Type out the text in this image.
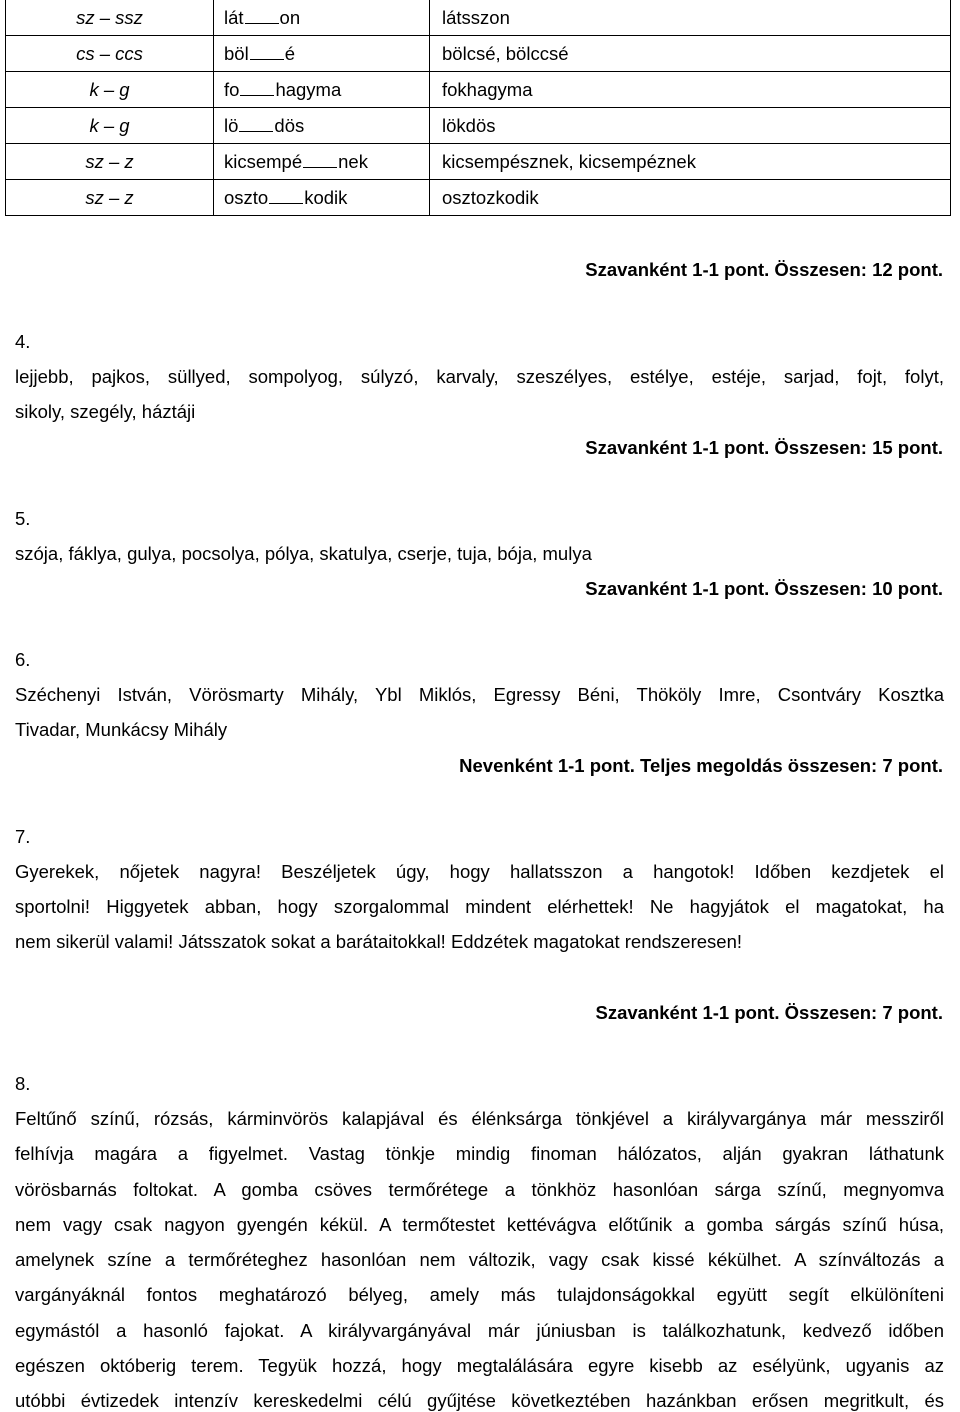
sz – ssz	lát on	látsszon
cs – ccs	böl é	bölcsé, bölccsé
k – g	fo hagyma	fokhagyma
k – g	lö dös	lökdös
sz – z	kicsempé nek	kicsempésznek, kicsempéznek
sz – z	oszto kodik	osztozkodik
Szavanként 1-1 pont. Összesen: 12 pont.
4.
lejjebb, pajkos, süllyed, sompolyog, súlyzó, karvaly, szeszélyes, estélye, estéje, sarjad, fojt, folyt,
sikoly, szegély, háztáji
Szavanként 1-1 pont. Összesen: 15 pont.
5.
szója, fáklya, gulya, pocsolya, pólya, skatulya, cserje, tuja, bója, mulya
Szavanként 1-1 pont. Összesen: 10 pont.
6.
Széchenyi István, Vörösmarty Mihály, Ybl Miklós, Egressy Béni, Thököly Imre, Csontváry Kosztka
Tivadar, Munkácsy Mihály
Nevenként 1-1 pont. Teljes megoldás összesen: 7 pont.
7.
Gyerekek, nőjetek nagyra! Beszéljetek úgy, hogy hallatsszon a hangotok! Időben kezdjetek el
sportolni! Higgyetek abban, hogy szorgalommal mindent elérhettek! Ne hagyjátok el magatokat, ha
nem sikerül valami! Játsszatok sokat a barátaitokkal! Eddzétek magatokat rendszeresen!
Szavanként 1-1 pont. Összesen: 7 pont.
8.
Feltűnő színű, rózsás, kárminvörös kalapjával és élénksárga tönkjével a királyvargánya már messziről
felhívja magára a figyelmet. Vastag tönkje mindig finoman hálózatos, alján gyakran láthatunk
vörösbarnás foltokat. A gomba csöves termőrétege a tönkhöz hasonlóan sárga színű, megnyomva
nem vagy csak nagyon gyengén kékül. A termőtestet kettévágva előtűnik a gomba sárgás színű húsa,
amelynek színe a termőréteghez hasonlóan nem változik, vagy csak kissé kékülhet. A színváltozás a
vargányáknál fontos meghatározó bélyeg, amely más tulajdonságokkal együtt segít elkülöníteni
egymástól a hasonló fajokat. A királyvargányával már júniusban is találkozhatunk, kedvező időben
egészen októberig terem. Tegyük hozzá, hogy megtalálására egyre kisebb az esélyünk, ugyanis az
utóbbi évtizedek intenzív kereskedelmi célú gyűjtése következtében hazánkban erősen megritkult, és
